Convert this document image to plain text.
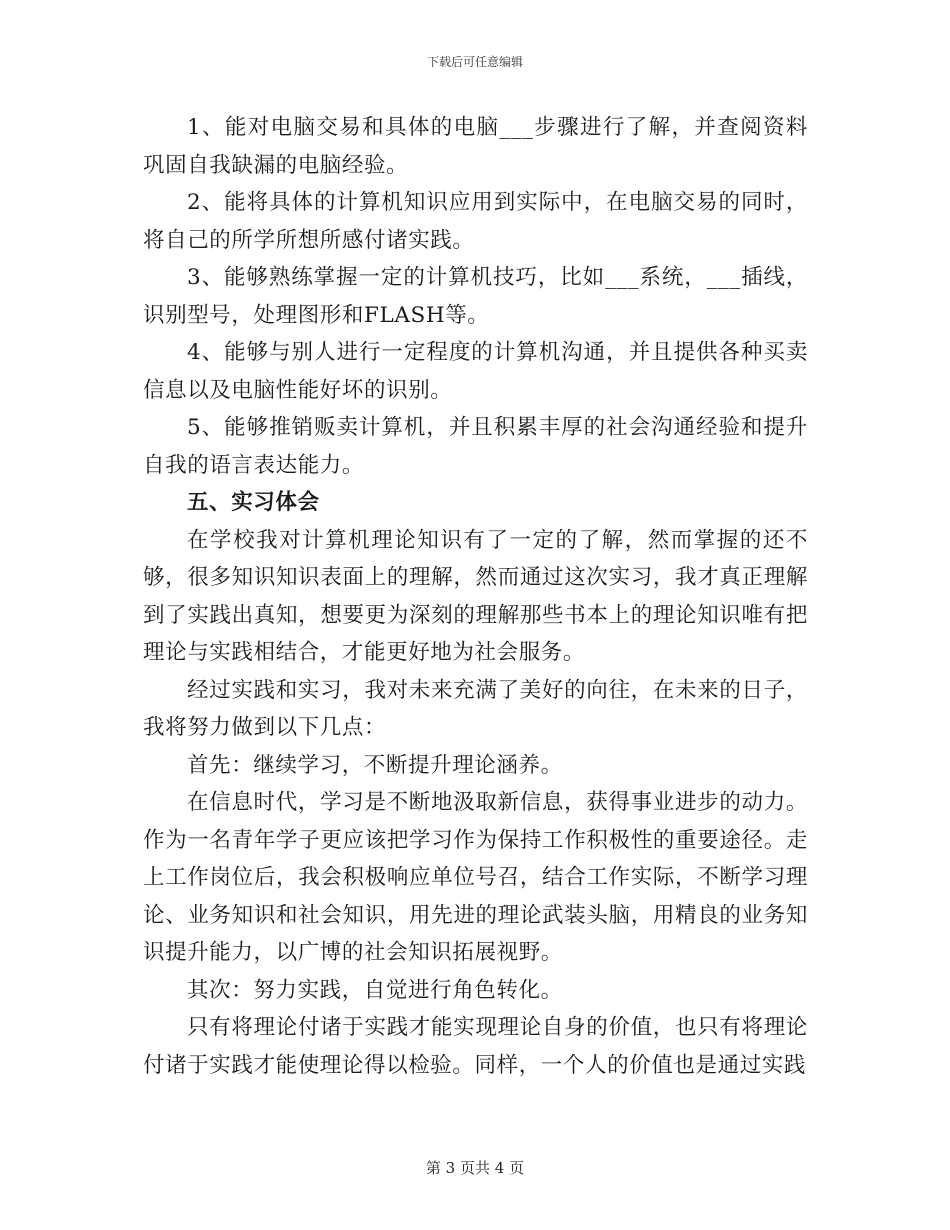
下载后可任意编辑

1、能对电脑交易和具体的电脑___步骤进行了解，并查阅资料巩固自我缺漏的电脑经验。

2、能将具体的计算机知识应用到实际中，在电脑交易的同时，将自己的所学所想所感付诸实践。

3、能够熟练掌握一定的计算机技巧，比如___系统，___插线，识别型号，处理图形和FLASH等。

4、能够与别人进行一定程度的计算机沟通，并且提供各种买卖信息以及电脑性能好坏的识别。

5、能够推销贩卖计算机，并且积累丰厚的社会沟通经验和提升自我的语言表达能力。

五、实习体会

在学校我对计算机理论知识有了一定的了解，然而掌握的还不够，很多知识知识表面上的理解，然而通过这次实习，我才真正理解到了实践出真知，想要更为深刻的理解那些书本上的理论知识唯有把理论与实践相结合，才能更好地为社会服务。

经过实践和实习，我对未来充满了美好的向往，在未来的日子，我将努力做到以下几点：

首先：继续学习，不断提升理论涵养。

在信息时代，学习是不断地汲取新信息，获得事业进步的动力。作为一名青年学子更应该把学习作为保持工作积极性的重要途径。走上工作岗位后，我会积极响应单位号召，结合工作实际，不断学习理论、业务知识和社会知识，用先进的理论武装头脑，用精良的业务知识提升能力，以广博的社会知识拓展视野。

其次：努力实践，自觉进行角色转化。

只有将理论付诸于实践才能实现理论自身的价值，也只有将理论付诸于实践才能使理论得以检验。同样，一个人的价值也是通过实践

第 3 页共 4 页
